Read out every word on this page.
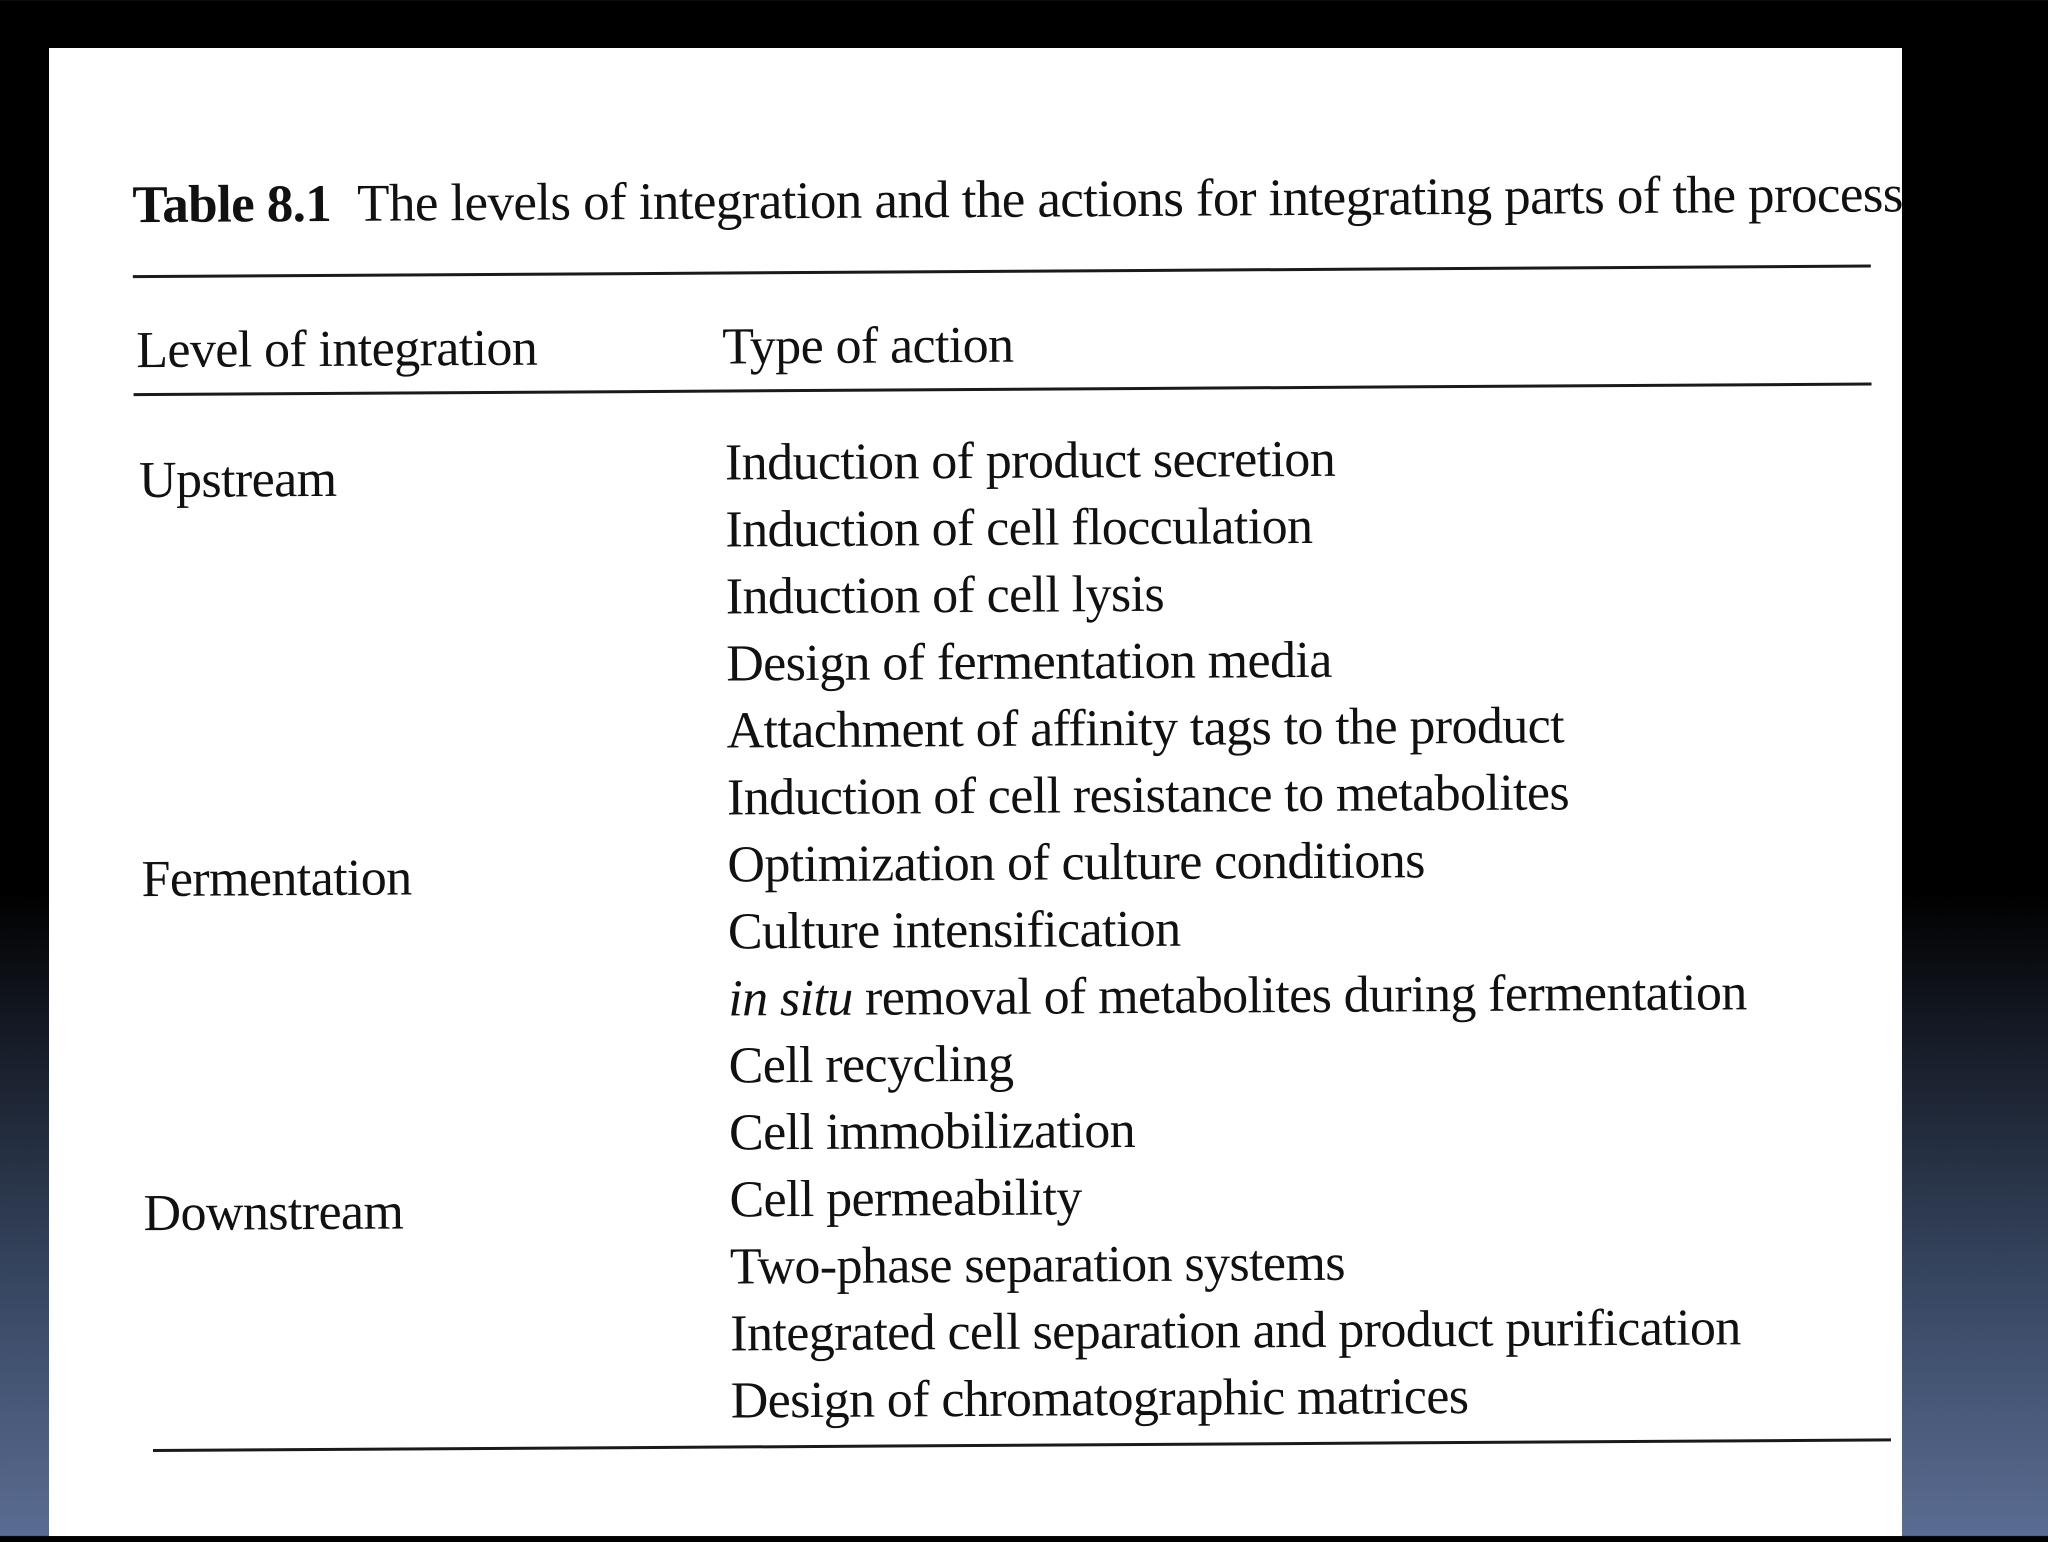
Table 8.1 The levels of integration and the actions for integrating parts of the process
Level of integration	Type of action
Upstream
Fermentation
Downstream
Induction of product secretion
Induction of cell flocculation
Induction of cell lysis
Design of fermentation media
Attachment of affinity tags to the product
Induction of cell resistance to metabolites
Optimization of culture conditions
Culture intensification
in situ removal of metabolites during fermentation
Cell recycling
Cell immobilization
Cell permeability
Two-phase separation systems
Integrated cell separation and product purification
Design of chromatographic matrices
